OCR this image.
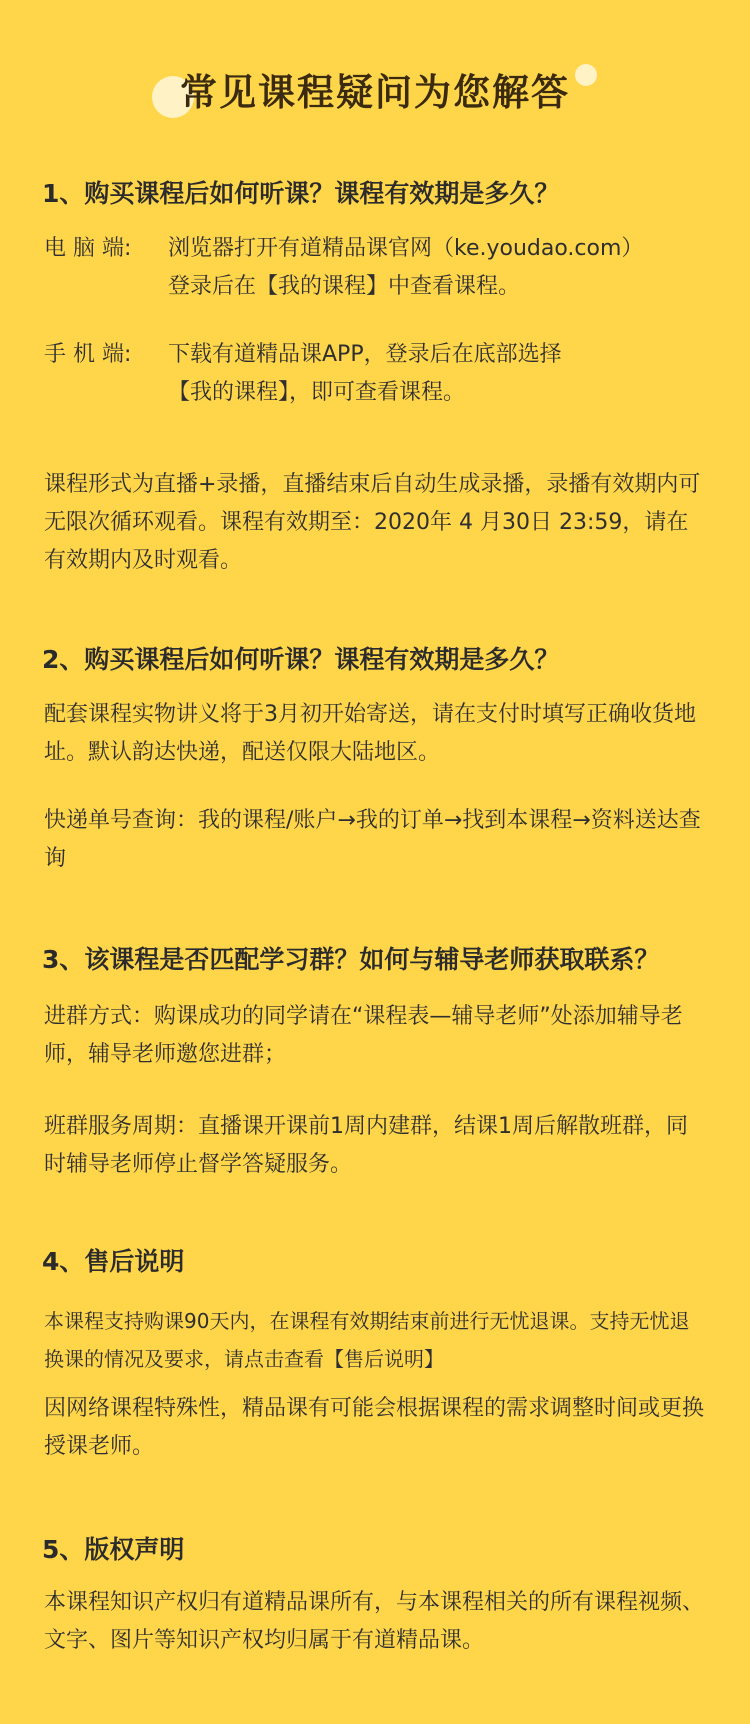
常见课程疑问为您解答
1、购买课程后如何听课？课程有效期是多久？
电 脑 端: 浏览器打开有道精品课官网（ke.youdao.com）
登录后在【我的课程】中查看课程。
手 机 端: 下载有道精品课APP，登录后在底部选择
【我的课程】，即可查看课程。
课程形式为直播+录播，直播结束后自动生成录播，录播有效期内可无限次循环观看。课程有效期至：2020年 4 月30日 23:59，请在有效期内及时观看。
2、购买课程后如何听课？课程有效期是多久？
配套课程实物讲义将于3月初开始寄送，请在支付时填写正确收货地址。默认韵达快递，配送仅限大陆地区。
快递单号查询：我的课程/账户→我的订单→找到本课程→资料送达查询
3、该课程是否匹配学习群？如何与辅导老师获取联系？
进群方式：购课成功的同学请在“课程表—辅导老师”处添加辅导老师，辅导老师邀您进群；
班群服务周期：直播课开课前1周内建群，结课1周后解散班群，同时辅导老师停止督学答疑服务。
4、售后说明
本课程支持购课90天内，在课程有效期结束前进行无忧退课。支持无忧退换课的情况及要求，请点击查看【售后说明】
因网络课程特殊性，精品课有可能会根据课程的需求调整时间或更换授课老师。
5、版权声明
本课程知识产权归有道精品课所有，与本课程相关的所有课程视频、文字、图片等知识产权均归属于有道精品课。
